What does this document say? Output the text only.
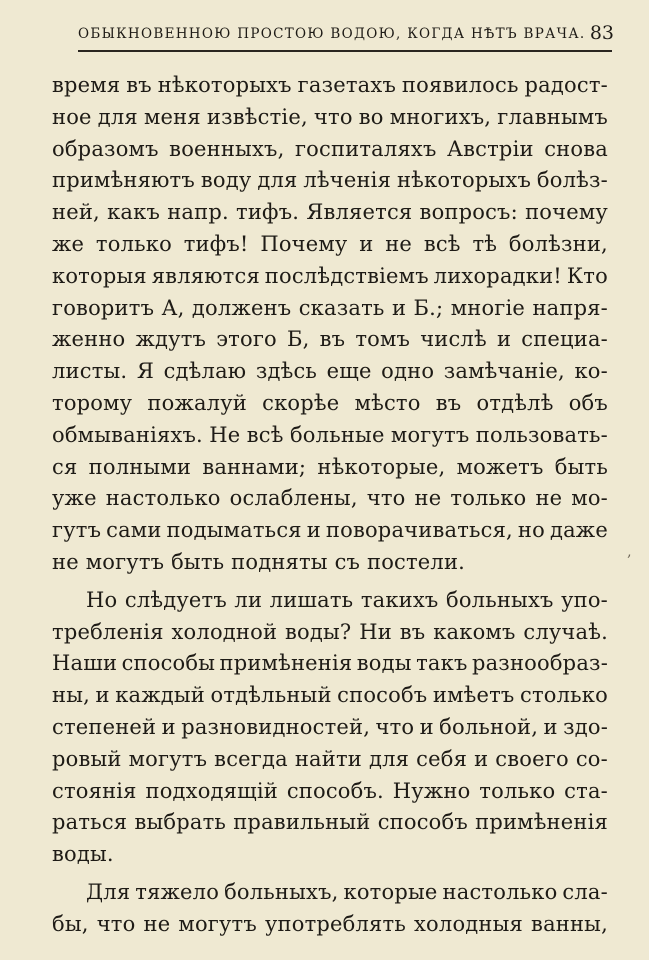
ОБЫКНОВЕННОЮ ПРОСТОЮ ВОДОЮ, КОГДА НѢТЪ ВРАЧА. 83
‚
время въ нѣкоторыхъ газетахъ появилось радост-
ное для меня извѣстіе, что во многихъ, главнымъ
образомъ военныхъ, госпиталяхъ Австріи снова
примѣняютъ воду для лѣченія нѣкоторыхъ болѣз-
ней, какъ напр. тифъ. Является вопросъ: почему
же только тифъ! Почему и не всѣ тѣ болѣзни,
которыя являются послѣдствіемъ лихорадки! Кто
говоритъ А, долженъ сказать и Б.; многіе напря-
женно ждутъ этого Б, въ томъ числѣ и специа-
листы. Я сдѣлаю здѣсь еще одно замѣчаніе, ко-
торому пожалуй скорѣе мѣсто въ отдѣлѣ объ
обмываніяхъ. Не всѣ больные могутъ пользовать-
ся полными ваннами; нѣкоторые, можетъ быть
уже настолько ослаблены, что не только не мо-
гутъ сами подыматься и поворачиваться, но даже
не могутъ быть подняты съ постели.
Но слѣдуетъ ли лишать такихъ больныхъ упо-
требленія холодной воды? Ни въ какомъ случаѣ.
Наши способы примѣненія воды такъ разнообраз-
ны, и каждый отдѣльный способъ имѣетъ столько
степеней и разновидностей, что и больной, и здо-
ровый могутъ всегда найти для себя и своего со-
стоянія подходящій способъ. Нужно только ста-
раться выбрать правильный способъ примѣненія
воды.
Для тяжело больныхъ, которые настолько сла-
бы, что не могутъ употреблять холодныя ванны,
